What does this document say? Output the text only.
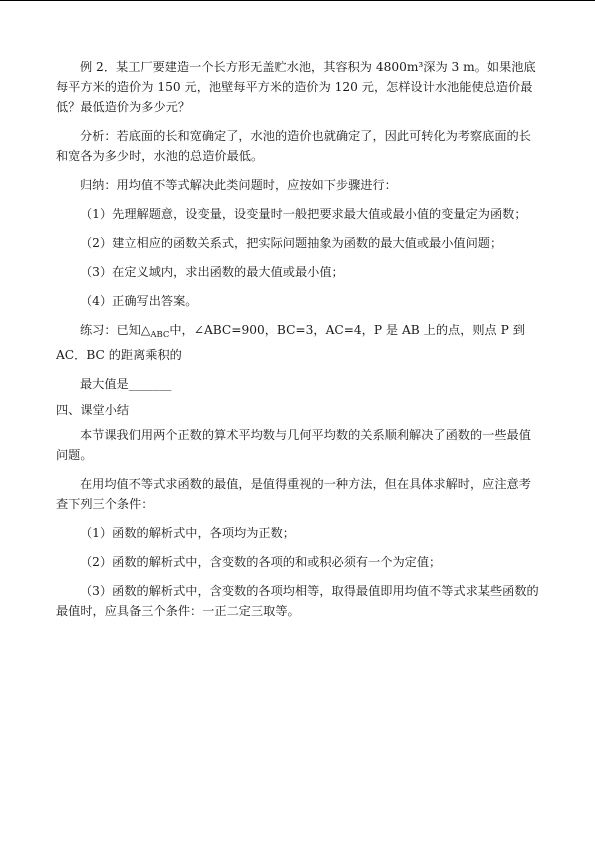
例 2．某工厂要建造一个长方形无盖贮水池，其容积为 4800m³深为 3 m。如果池底每平方米的造价为 150 元，池壁每平方米的造价为 120 元，怎样设计水池能使总造价最低？最低造价为多少元？

分析：若底面的长和宽确定了，水池的造价也就确定了，因此可转化为考察底面的长和宽各为多少时，水池的总造价最低。

归纳：用均值不等式解决此类问题时，应按如下步骤进行：

（1）先理解题意，设变量，设变量时一般把要求最大值或最小值的变量定为函数；

（2）建立相应的函数关系式，把实际问题抽象为函数的最大值或最小值问题；

（3）在定义域内，求出函数的最大值或最小值；

（4）正确写出答案。

练习：已知$\triangle_{ABC}$中，∠ABC=900，BC=3，AC=4，P 是 AB 上的点，则点 P 到 AC．BC 的距离乘积的

最大值是_______

四、课堂小结

本节课我们用两个正数的算术平均数与几何平均数的关系顺利解决了函数的一些最值问题。

在用均值不等式求函数的最值，是值得重视的一种方法，但在具体求解时，应注意考查下列三个条件：

（1）函数的解析式中，各项均为正数；

（2）函数的解析式中，含变数的各项的和或积必须有一个为定值；

（3）函数的解析式中，含变数的各项均相等，取得最值即用均值不等式求某些函数的最值时，应具备三个条件：一正二定三取等。
